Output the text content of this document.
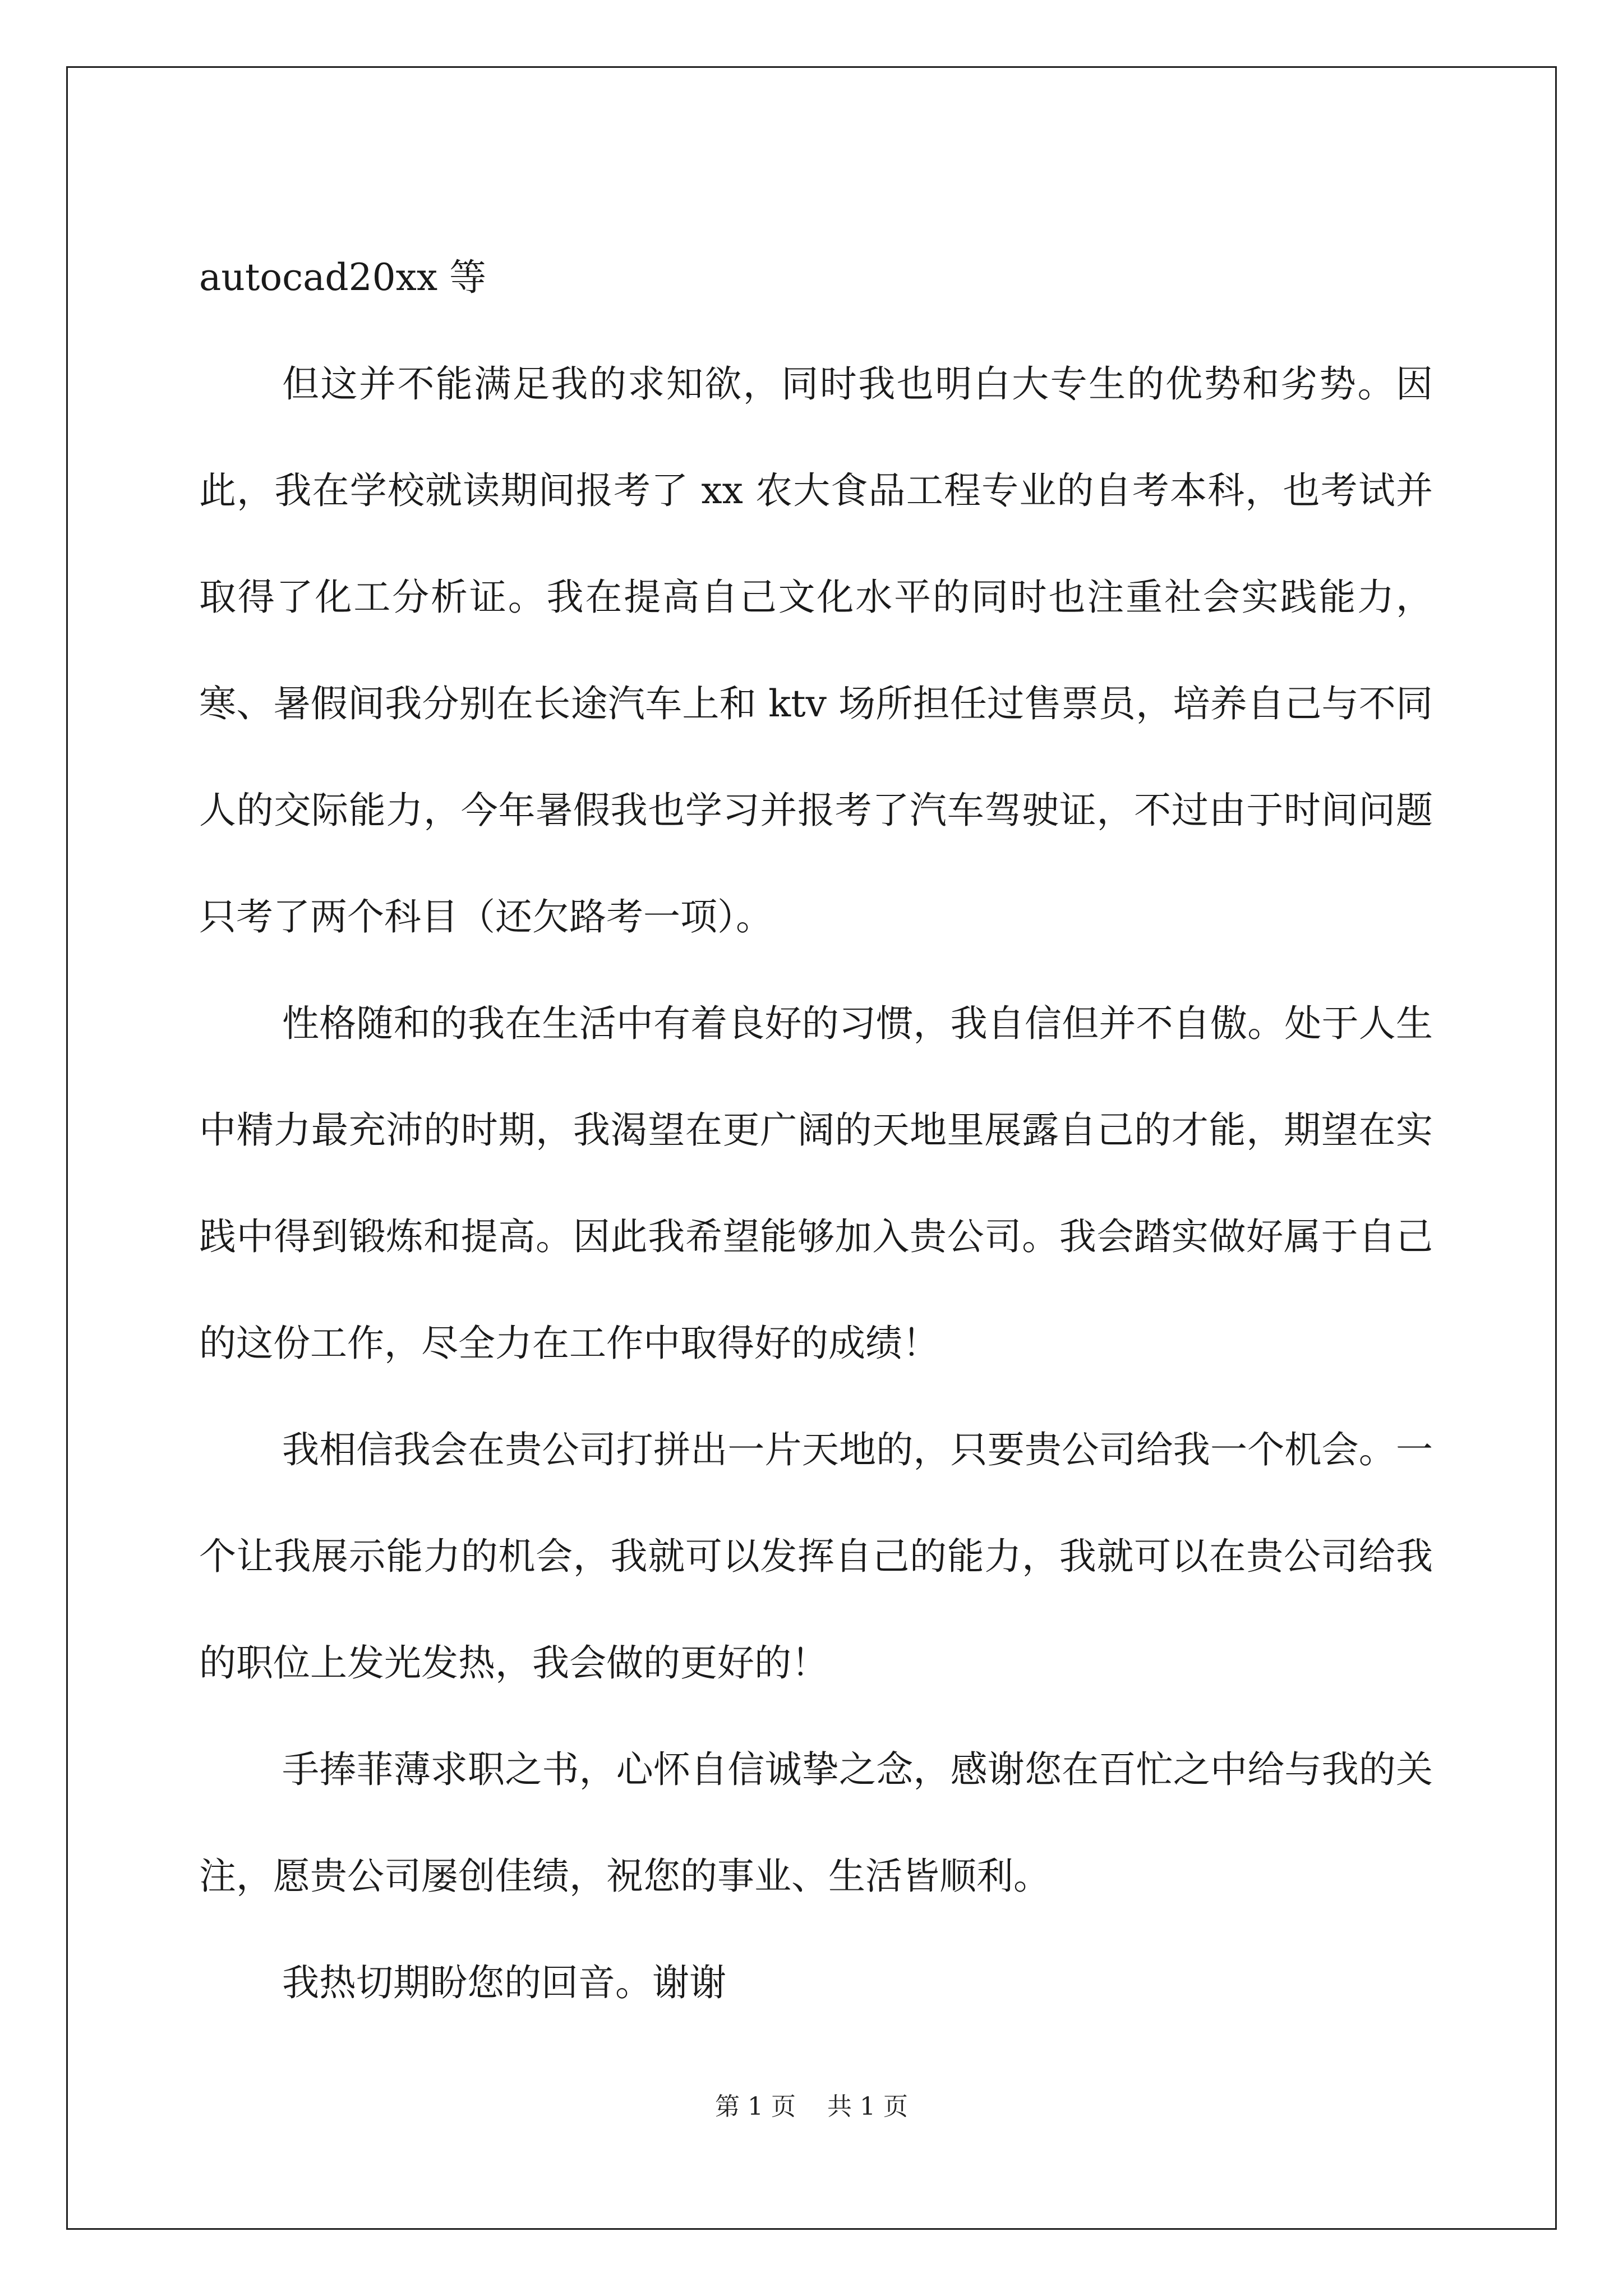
autocad20xx 等

但这并不能满足我的求知欲，同时我也明白大专生的优势和劣势。因此，我在学校就读期间报考了 xx 农大食品工程专业的自考本科，也考试并取得了化工分析证。我在提高自己文化水平的同时也注重社会实践能力，寒、暑假间我分别在长途汽车上和 ktv 场所担任过售票员，培养自己与不同人的交际能力，今年暑假我也学习并报考了汽车驾驶证，不过由于时间问题只考了两个科目（还欠路考一项）。

性格随和的我在生活中有着良好的习惯，我自信但并不自傲。处于人生中精力最充沛的时期，我渴望在更广阔的天地里展露自己的才能，期望在实践中得到锻炼和提高。因此我希望能够加入贵公司。我会踏实做好属于自己的这份工作，尽全力在工作中取得好的成绩！

我相信我会在贵公司打拼出一片天地的，只要贵公司给我一个机会。一个让我展示能力的机会，我就可以发挥自己的能力，我就可以在贵公司给我的职位上发光发热，我会做的更好的！

手捧菲薄求职之书，心怀自信诚挚之念，感谢您在百忙之中给与我的关注，愿贵公司屡创佳绩，祝您的事业、生活皆顺利。

我热切期盼您的回音。谢谢

第 1 页 共 1 页
